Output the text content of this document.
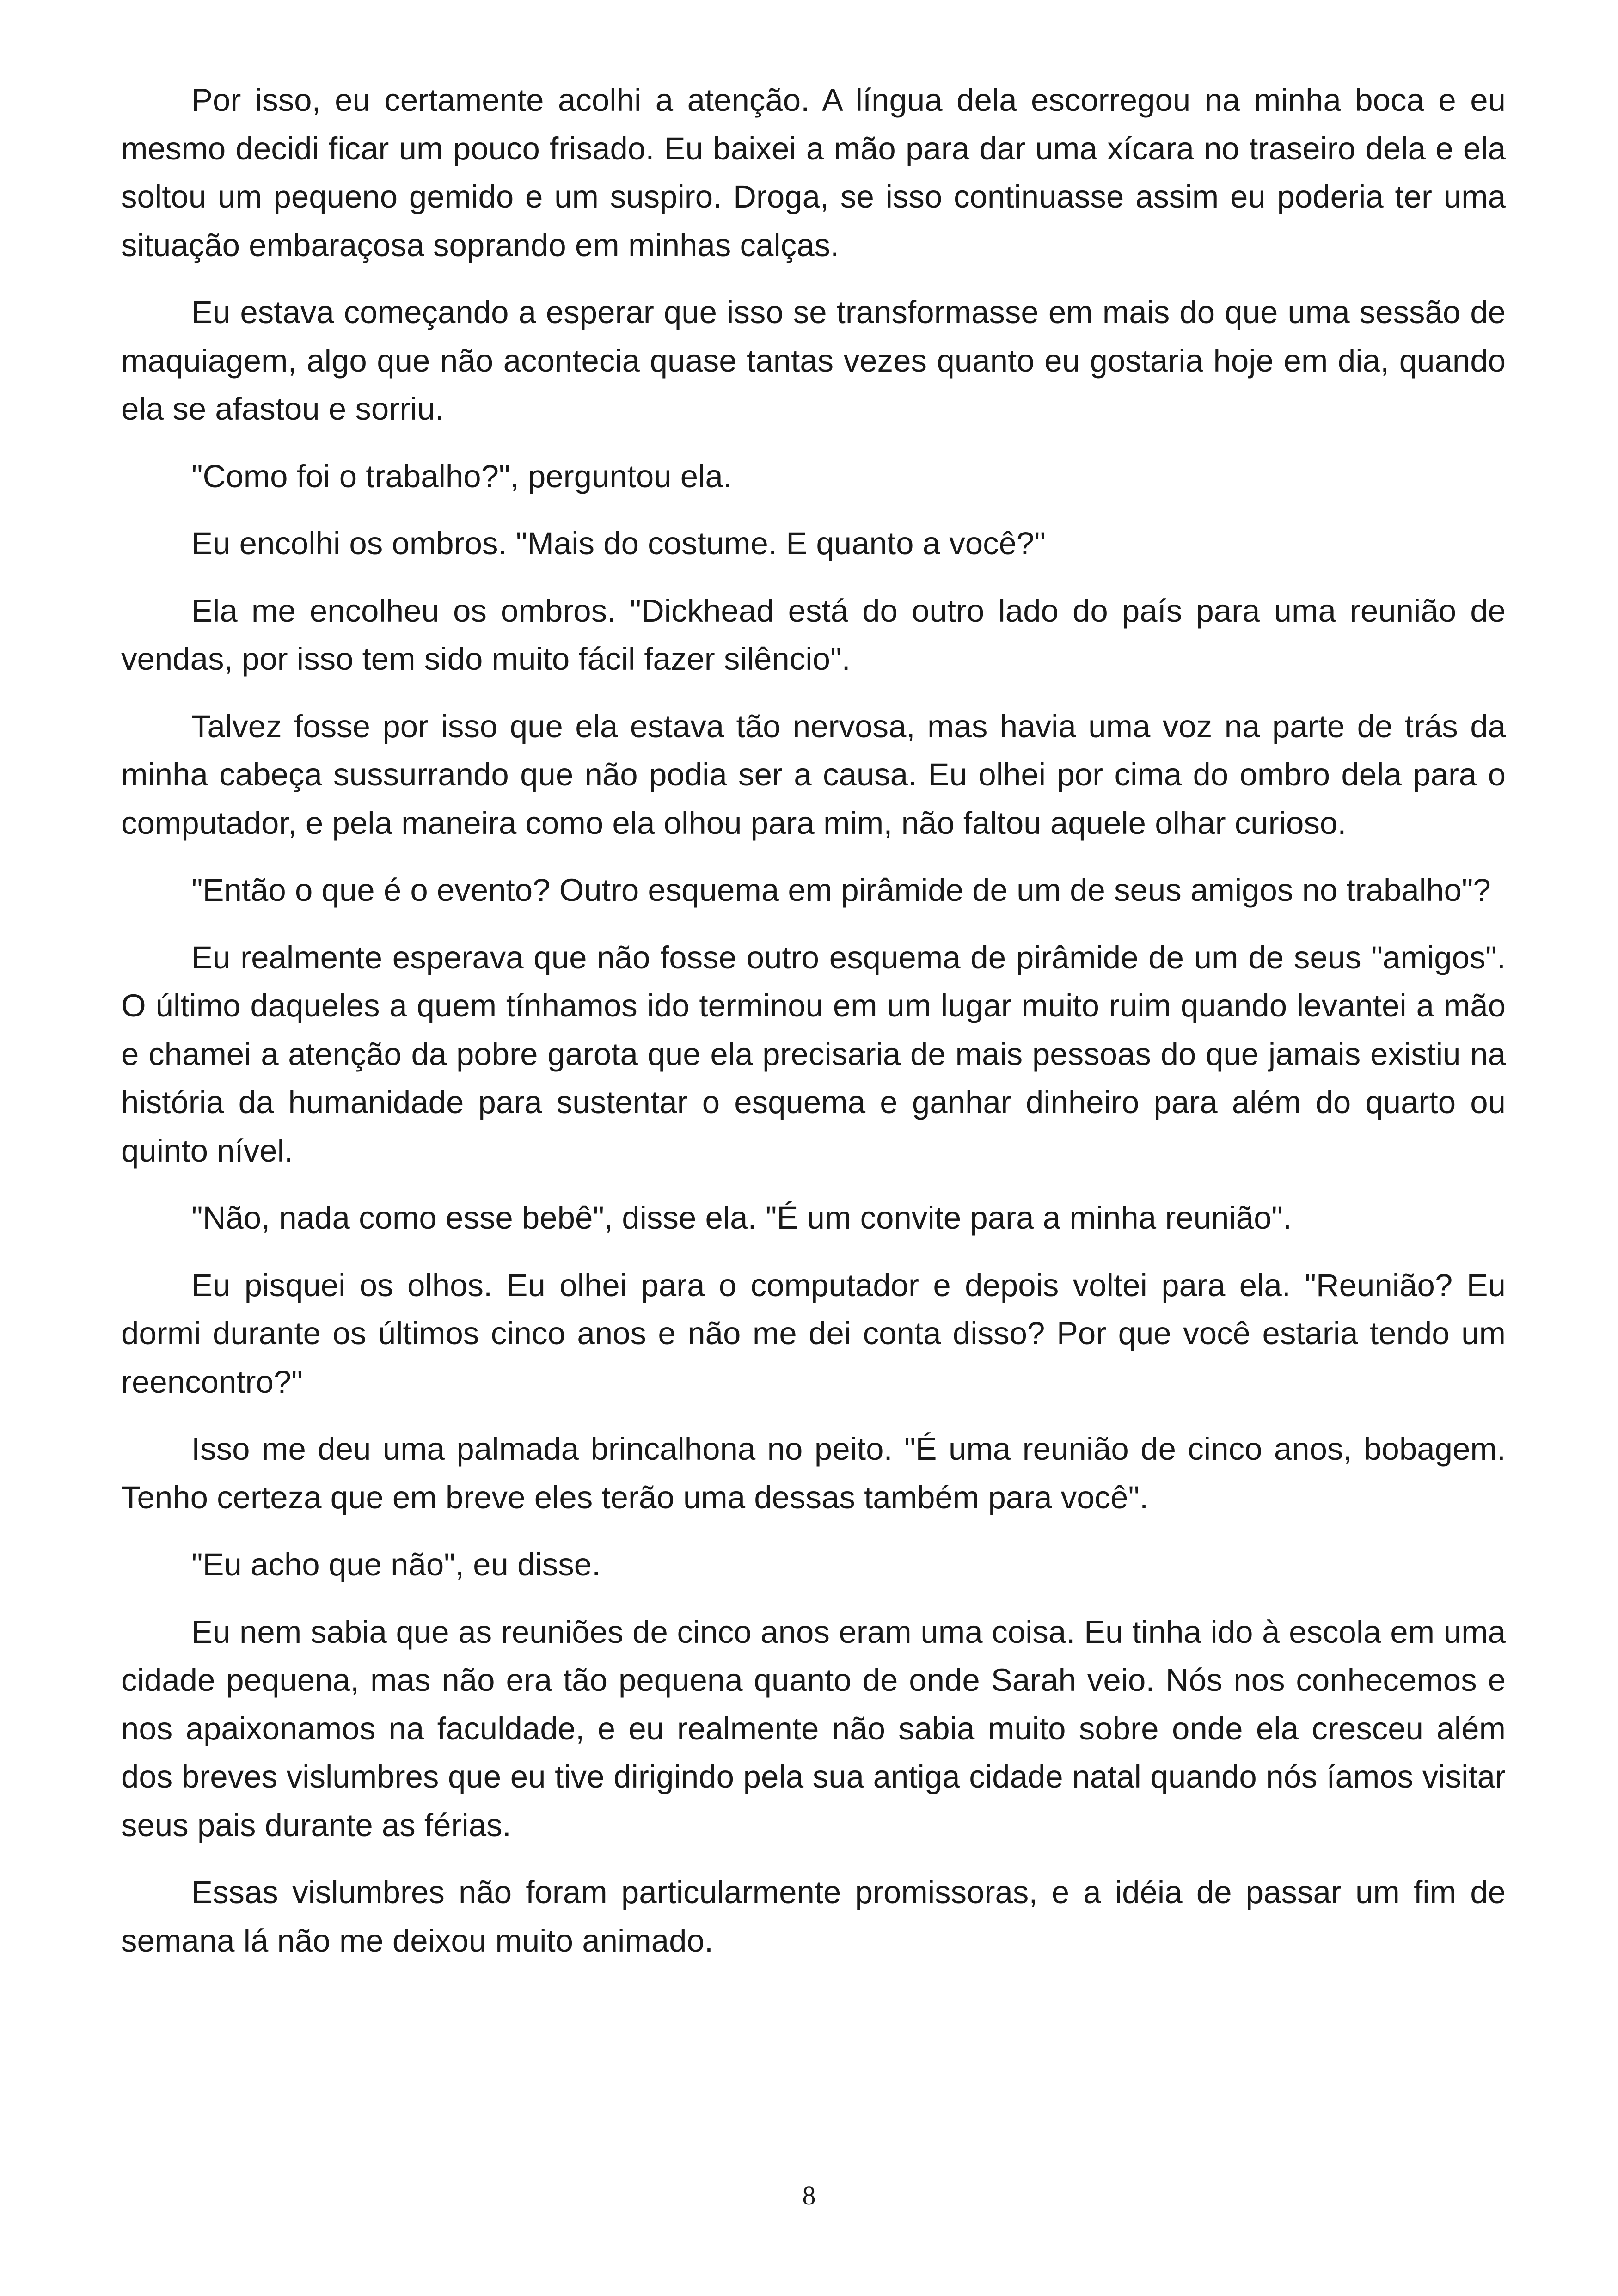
Por isso, eu certamente acolhi a atenção. A língua dela escorregou na minha boca e eu mesmo decidi ficar um pouco frisado. Eu baixei a mão para dar uma xícara no traseiro dela e ela soltou um pequeno gemido e um suspiro. Droga, se isso continuasse assim eu poderia ter uma situação embaraçosa soprando em minhas calças.

Eu estava começando a esperar que isso se transformasse em mais do que uma sessão de maquiagem, algo que não acontecia quase tantas vezes quanto eu gostaria hoje em dia, quando ela se afastou e sorriu.

"Como foi o trabalho?", perguntou ela.

Eu encolhi os ombros. "Mais do costume. E quanto a você?"

Ela me encolheu os ombros. "Dickhead está do outro lado do país para uma reunião de vendas, por isso tem sido muito fácil fazer silêncio".

Talvez fosse por isso que ela estava tão nervosa, mas havia uma voz na parte de trás da minha cabeça sussurrando que não podia ser a causa. Eu olhei por cima do ombro dela para o computador, e pela maneira como ela olhou para mim, não faltou aquele olhar curioso.

"Então o que é o evento? Outro esquema em pirâmide de um de seus amigos no trabalho"?

Eu realmente esperava que não fosse outro esquema de pirâmide de um de seus "amigos". O último daqueles a quem tínhamos ido terminou em um lugar muito ruim quando levantei a mão e chamei a atenção da pobre garota que ela precisaria de mais pessoas do que jamais existiu na história da humanidade para sustentar o esquema e ganhar dinheiro para além do quarto ou quinto nível.

"Não, nada como esse bebê", disse ela. "É um convite para a minha reunião".

Eu pisquei os olhos. Eu olhei para o computador e depois voltei para ela. "Reunião? Eu dormi durante os últimos cinco anos e não me dei conta disso? Por que você estaria tendo um reencontro?"

Isso me deu uma palmada brincalhona no peito. "É uma reunião de cinco anos, bobagem. Tenho certeza que em breve eles terão uma dessas também para você".

"Eu acho que não", eu disse.

Eu nem sabia que as reuniões de cinco anos eram uma coisa. Eu tinha ido à escola em uma cidade pequena, mas não era tão pequena quanto de onde Sarah veio. Nós nos conhecemos e nos apaixonamos na faculdade, e eu realmente não sabia muito sobre onde ela cresceu além dos breves vislumbres que eu tive dirigindo pela sua antiga cidade natal quando nós íamos visitar seus pais durante as férias.

Essas vislumbres não foram particularmente promissoras, e a idéia de passar um fim de semana lá não me deixou muito animado.

8
